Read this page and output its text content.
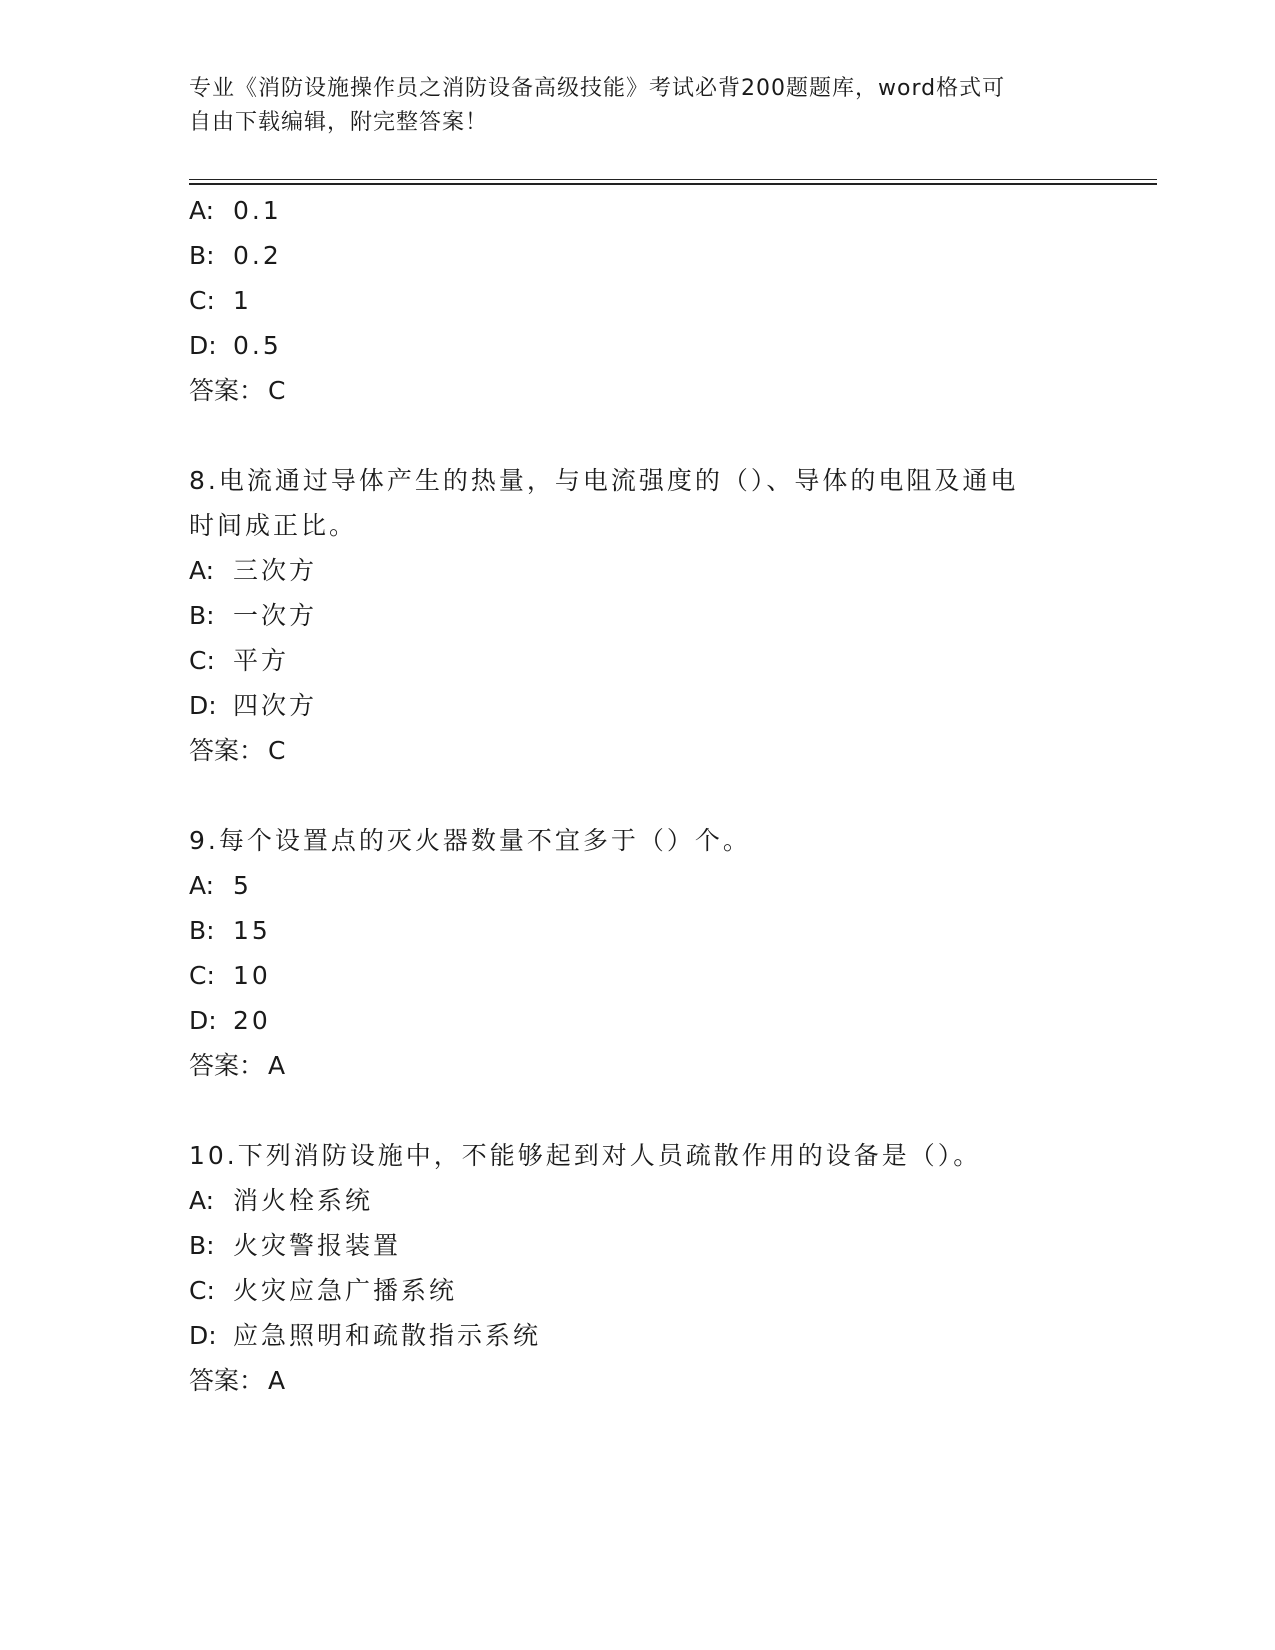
专业《消防设施操作员之消防设备高级技能》考试必背200题题库，word格式可
自由下载编辑，附完整答案！
A: 0.1
B: 0.2
C: 1
D: 0.5
答案： C
8.电流通过导体产生的热量，与电流强度的（）、导体的电阻及通电
时间成正比。
A: 三次方
B: 一次方
C: 平方
D: 四次方
答案： C
9.每个设置点的灭火器数量不宜多于（）个。
A: 5
B: 15
C: 10
D: 20
答案： A
10.下列消防设施中，不能够起到对人员疏散作用的设备是（）。
A: 消火栓系统
B: 火灾警报装置
C: 火灾应急广播系统
D: 应急照明和疏散指示系统
答案： A
